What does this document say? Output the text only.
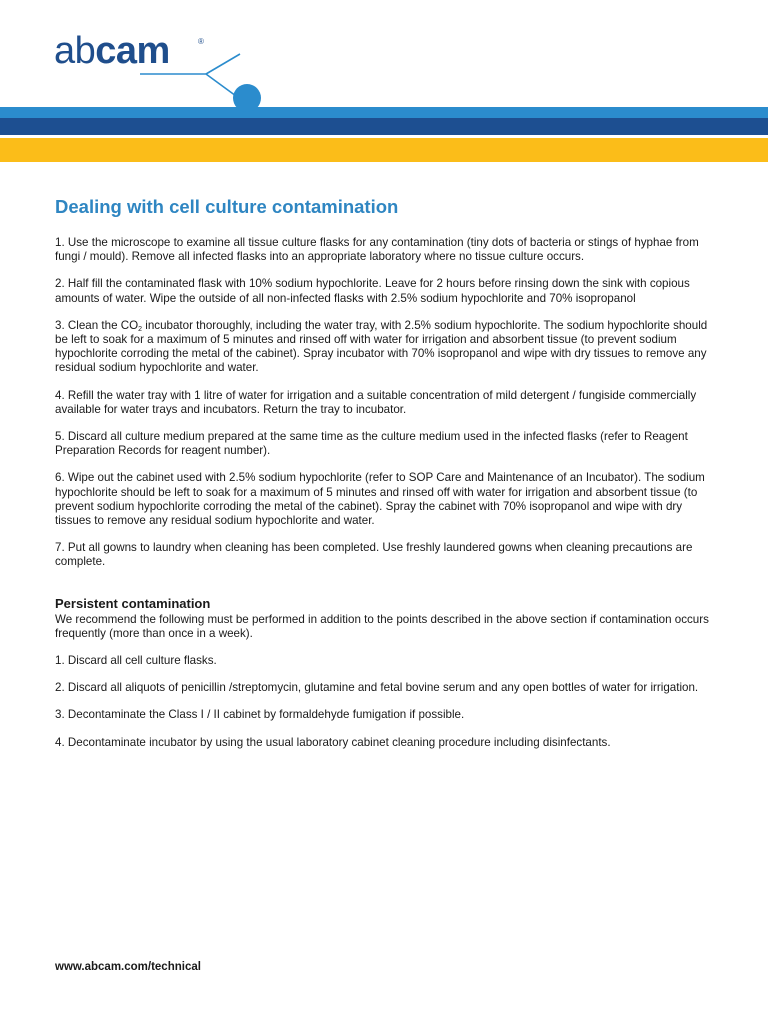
abcam	®
Dealing with cell culture contamination

1. Use the microscope to examine all tissue culture flasks for any contamination (tiny dots of bacteria or stings of hyphae from fungi / mould). Remove all infected flasks into an appropriate laboratory where no tissue culture occurs.

2. Half fill the contaminated flask with 10% sodium hypochlorite. Leave for 2 hours before rinsing down the sink with copious amounts of water. Wipe the outside of all non-infected flasks with 2.5% sodium hypochlorite and 70% isopropanol

3. Clean the $CO_2$ incubator thoroughly, including the water tray, with 2.5% sodium hypochlorite. The sodium hypochlorite should be left to soak for a maximum of 5 minutes and rinsed off with water for irrigation and absorbent tissue (to prevent sodium hypochlorite corroding the metal of the cabinet). Spray incubator with 70% isopropanol and wipe with dry tissues to remove any residual sodium hypochlorite and water.

4. Refill the water tray with 1 litre of water for irrigation and a suitable concentration of mild detergent / fungiside commercially available for water trays and incubators. Return the tray to incubator.

5. Discard all culture medium prepared at the same time as the culture medium used in the infected flasks (refer to Reagent Preparation Records for reagent number).

6. Wipe out the cabinet used with 2.5% sodium hypochlorite (refer to SOP Care and Maintenance of an Incubator). The sodium hypochlorite should be left to soak for a maximum of 5 minutes and rinsed off with water for irrigation and absorbent tissue (to prevent sodium hypochlorite corroding the metal of the cabinet). Spray the cabinet with 70% isopropanol and wipe with dry tissues to remove any residual sodium hypochlorite and water.

7. Put all gowns to laundry when cleaning has been completed. Use freshly laundered gowns when cleaning precautions are complete.

Persistent contamination

We recommend the following must be performed in addition to the points described in the above section if contamination occurs frequently (more than once in a week).

1. Discard all cell culture flasks.

2. Discard all aliquots of penicillin /streptomycin, glutamine and fetal bovine serum and any open bottles of water for irrigation.

3. Decontaminate the Class I / II cabinet by formaldehyde fumigation if possible.

4. Decontaminate incubator by using the usual laboratory cabinet cleaning procedure including disinfectants.

www.abcam.com/technical
